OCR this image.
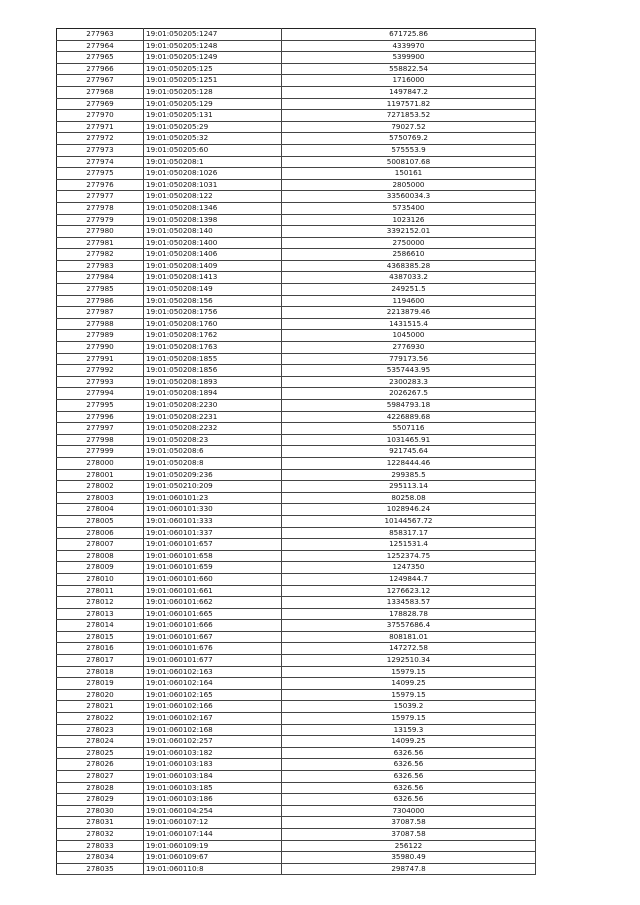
277963	19:01:050205:1247	671725.86
277964	19:01:050205:1248	4339970
277965	19:01:050205:1249	5399900
277966	19:01:050205:125	558822.54
277967	19:01:050205:1251	1716000
277968	19:01:050205:128	1497847.2
277969	19:01:050205:129	1197571.82
277970	19:01:050205:131	7271853.52
277971	19:01:050205:29	79027.52
277972	19:01:050205:32	5750769.2
277973	19:01:050205:60	575553.9
277974	19:01:050208:1	5008107.68
277975	19:01:050208:1026	150161
277976	19:01:050208:1031	2805000
277977	19:01:050208:122	33560034.3
277978	19:01:050208:1346	5735400
277979	19:01:050208:1398	1023126
277980	19:01:050208:140	3392152.01
277981	19:01:050208:1400	2750000
277982	19:01:050208:1406	2586610
277983	19:01:050208:1409	4368385.28
277984	19:01:050208:1413	4387033.2
277985	19:01:050208:149	249251.5
277986	19:01:050208:156	1194600
277987	19:01:050208:1756	2213879.46
277988	19:01:050208:1760	1431515.4
277989	19:01:050208:1762	1045000
277990	19:01:050208:1763	2776930
277991	19:01:050208:1855	779173.56
277992	19:01:050208:1856	5357443.95
277993	19:01:050208:1893	2300283.3
277994	19:01:050208:1894	2026267.5
277995	19:01:050208:2230	5984793.18
277996	19:01:050208:2231	4226889.68
277997	19:01:050208:2232	5507116
277998	19:01:050208:23	1031465.91
277999	19:01:050208:6	921745.64
278000	19:01:050208:8	1228444.46
278001	19:01:050209:236	299385.5
278002	19:01:050210:209	295113.14
278003	19:01:060101:23	80258.08
278004	19:01:060101:330	1028946.24
278005	19:01:060101:333	10144567.72
278006	19:01:060101:337	858317.17
278007	19:01:060101:657	1251531.4
278008	19:01:060101:658	1252374.75
278009	19:01:060101:659	1247350
278010	19:01:060101:660	1249844.7
278011	19:01:060101:661	1276623.12
278012	19:01:060101:662	1334583.57
278013	19:01:060101:665	178828.78
278014	19:01:060101:666	37557686.4
278015	19:01:060101:667	808181.01
278016	19:01:060101:676	147272.58
278017	19:01:060101:677	1292510.34
278018	19:01:060102:163	15979.15
278019	19:01:060102:164	14099.25
278020	19:01:060102:165	15979.15
278021	19:01:060102:166	15039.2
278022	19:01:060102:167	15979.15
278023	19:01:060102:168	13159.3
278024	19:01:060102:257	14099.25
278025	19:01:060103:182	6326.56
278026	19:01:060103:183	6326.56
278027	19:01:060103:184	6326.56
278028	19:01:060103:185	6326.56
278029	19:01:060103:186	6326.56
278030	19:01:060104:254	7304000
278031	19:01:060107:12	37087.58
278032	19:01:060107:144	37087.58
278033	19:01:060109:19	256122
278034	19:01:060109:67	35980.49
278035	19:01:060110:8	298747.8
